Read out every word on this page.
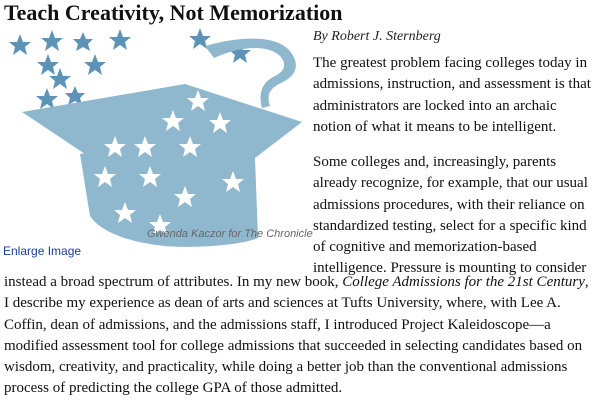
Teach Creativity, Not Memorization
Gwenda Kaczor for The Chronicle
Enlarge Image
By Robert J. Sternberg

The greatest problem facing colleges today in
admissions, instruction, and assessment is that
administrators are locked into an archaic
notion of what it means to be intelligent.

Some colleges and, increasingly, parents
already recognize, for example, that our usual
admissions procedures, with their reliance on
standardized testing, select for a specific kind
of cognitive and memorization-based
intelligence. Pressure is mounting to consider

instead a broad spectrum of attributes. In my new book, College Admissions for the 21st Century,
I describe my experience as dean of arts and sciences at Tufts University, where, with Lee A.
Coffin, dean of admissions, and the admissions staff, I introduced Project Kaleidoscope—a
modified assessment tool for college admissions that succeeded in selecting candidates based on
wisdom, creativity, and practicality, while doing a better job than the conventional admissions
process of predicting the college GPA of those admitted.
